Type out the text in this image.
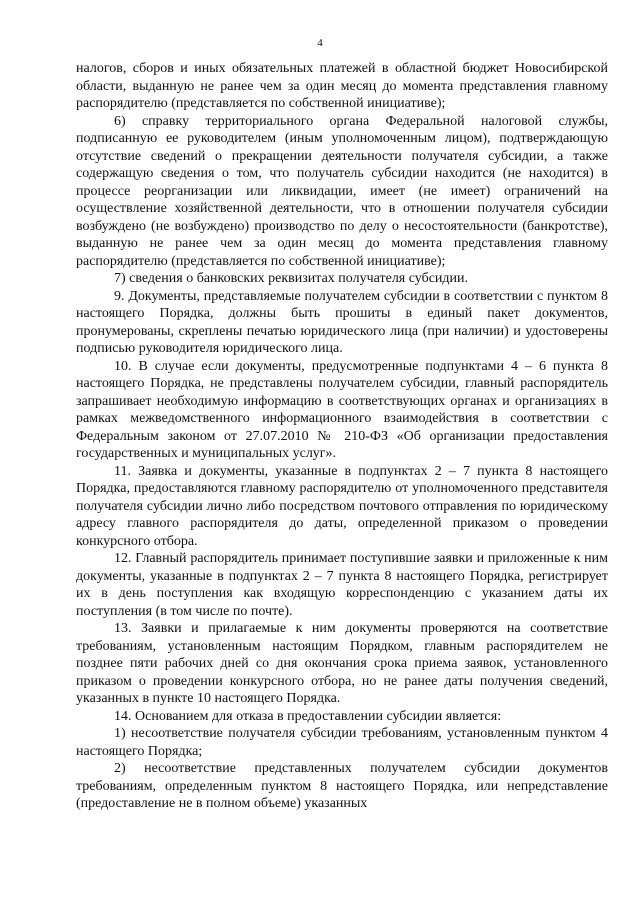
4

налогов, сборов и иных обязательных платежей в областной бюджет Новосибирской области, выданную не ранее чем за один месяц до момента представления главному распорядителю (представляется по собственной инициативе);

6) справку территориального органа Федеральной налоговой службы, подписанную ее руководителем (иным уполномоченным лицом), подтверждающую отсутствие сведений о прекращении деятельности получателя субсидии, а также содержащую сведения о том, что получатель субсидии находится (не находится) в процессе реорганизации или ликвидации, имеет (не имеет) ограничений на осуществление хозяйственной деятельности, что в отношении получателя субсидии возбуждено (не возбуждено) производство по делу о несостоятельности (банкротстве), выданную не ранее чем за один месяц до момента представления главному распорядителю (представляется по собственной инициативе);

7) сведения о банковских реквизитах получателя субсидии.

9. Документы, представляемые получателем субсидии в соответствии с пунктом 8 настоящего Порядка, должны быть прошиты в единый пакет документов, пронумерованы, скреплены печатью юридического лица (при наличии) и удостоверены подписью руководителя юридического лица.

10. В случае если документы, предусмотренные подпунктами 4 – 6 пункта 8 настоящего Порядка, не представлены получателем субсидии, главный распорядитель запрашивает необходимую информацию в соответствующих органах и организациях в рамках межведомственного информационного взаимодействия в соответствии с Федеральным законом от 27.07.2010 № 210-ФЗ «Об организации предоставления государственных и муниципальных услуг».

11. Заявка и документы, указанные в подпунктах 2 – 7 пункта 8 настоящего Порядка, предоставляются главному распорядителю от уполномоченного представителя получателя субсидии лично либо посредством почтового отправления по юридическому адресу главного распорядителя до даты, определенной приказом о проведении конкурсного отбора.

12. Главный распорядитель принимает поступившие заявки и приложенные к ним документы, указанные в подпунктах 2 – 7 пункта 8 настоящего Порядка, регистрирует их в день поступления как входящую корреспонденцию с указанием даты их поступления (в том числе по почте).

13. Заявки и прилагаемые к ним документы проверяются на соответствие требованиям, установленным настоящим Порядком, главным распорядителем не позднее пяти рабочих дней со дня окончания срока приема заявок, установленного приказом о проведении конкурсного отбора, но не ранее даты получения сведений, указанных в пункте 10 настоящего Порядка.

14. Основанием для отказа в предоставлении субсидии является:

1) несоответствие получателя субсидии требованиям, установленным пунктом 4 настоящего Порядка;

2) несоответствие представленных получателем субсидии документов требованиям, определенным пунктом 8 настоящего Порядка, или непредставление (предоставление не в полном объеме) указанных
